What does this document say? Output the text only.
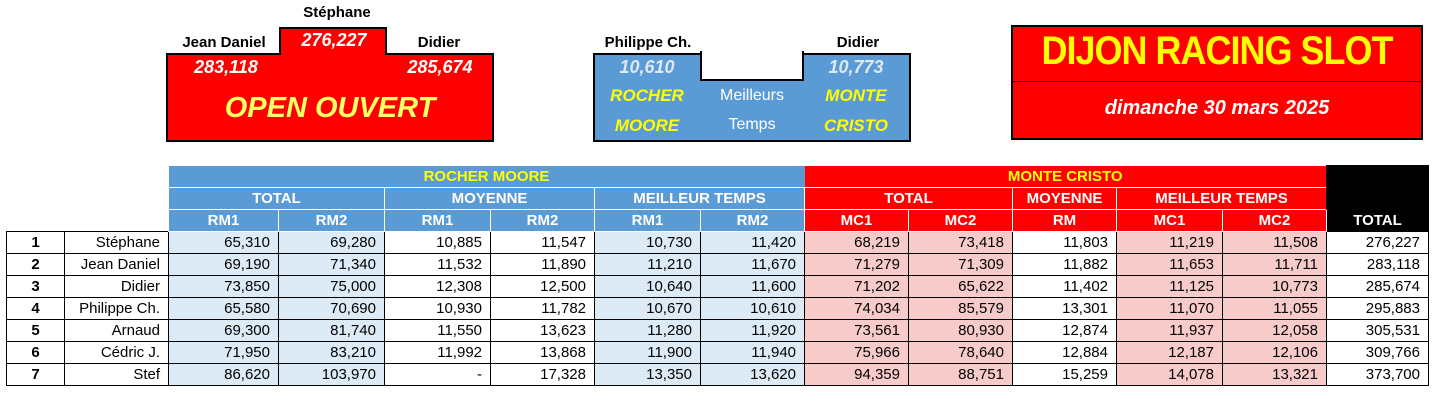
Stéphane
Jean Daniel	Didier
276,227
283,118	285,674
OPEN OUVERT
Philippe Ch.	Didier
10,610	10,773
ROCHER
MOORE
MONTE
CRISTO
Meilleurs
Temps
DIJON RACING SLOT
dimanche 30 mars 2025
		ROCHER MOORE						MONTE CRISTO					
		TOTAL		MOYENNE		MEILLEUR TEMPS		TOTAL		MOYENNE	MEILLEUR TEMPS		
		RM1	RM2	RM1	RM2	RM1	RM2	MC1	MC2	RM	MC1	MC2	TOTAL
1	Stéphane	65,310	69,280	10,885	11,547	10,730	11,420	68,219	73,418	11,803	11,219	11,508	276,227
2	Jean Daniel	69,190	71,340	11,532	11,890	11,210	11,670	71,279	71,309	11,882	11,653	11,711	283,118
3	Didier	73,850	75,000	12,308	12,500	10,640	11,600	71,202	65,622	11,402	11,125	10,773	285,674
4	Philippe Ch.	65,580	70,690	10,930	11,782	10,670	10,610	74,034	85,579	13,301	11,070	11,055	295,883
5	Arnaud	69,300	81,740	11,550	13,623	11,280	11,920	73,561	80,930	12,874	11,937	12,058	305,531
6	Cédric J.	71,950	83,210	11,992	13,868	11,900	11,940	75,966	78,640	12,884	12,187	12,106	309,766
7	Stef	86,620	103,970	-	17,328	13,350	13,620	94,359	88,751	15,259	14,078	13,321	373,700
